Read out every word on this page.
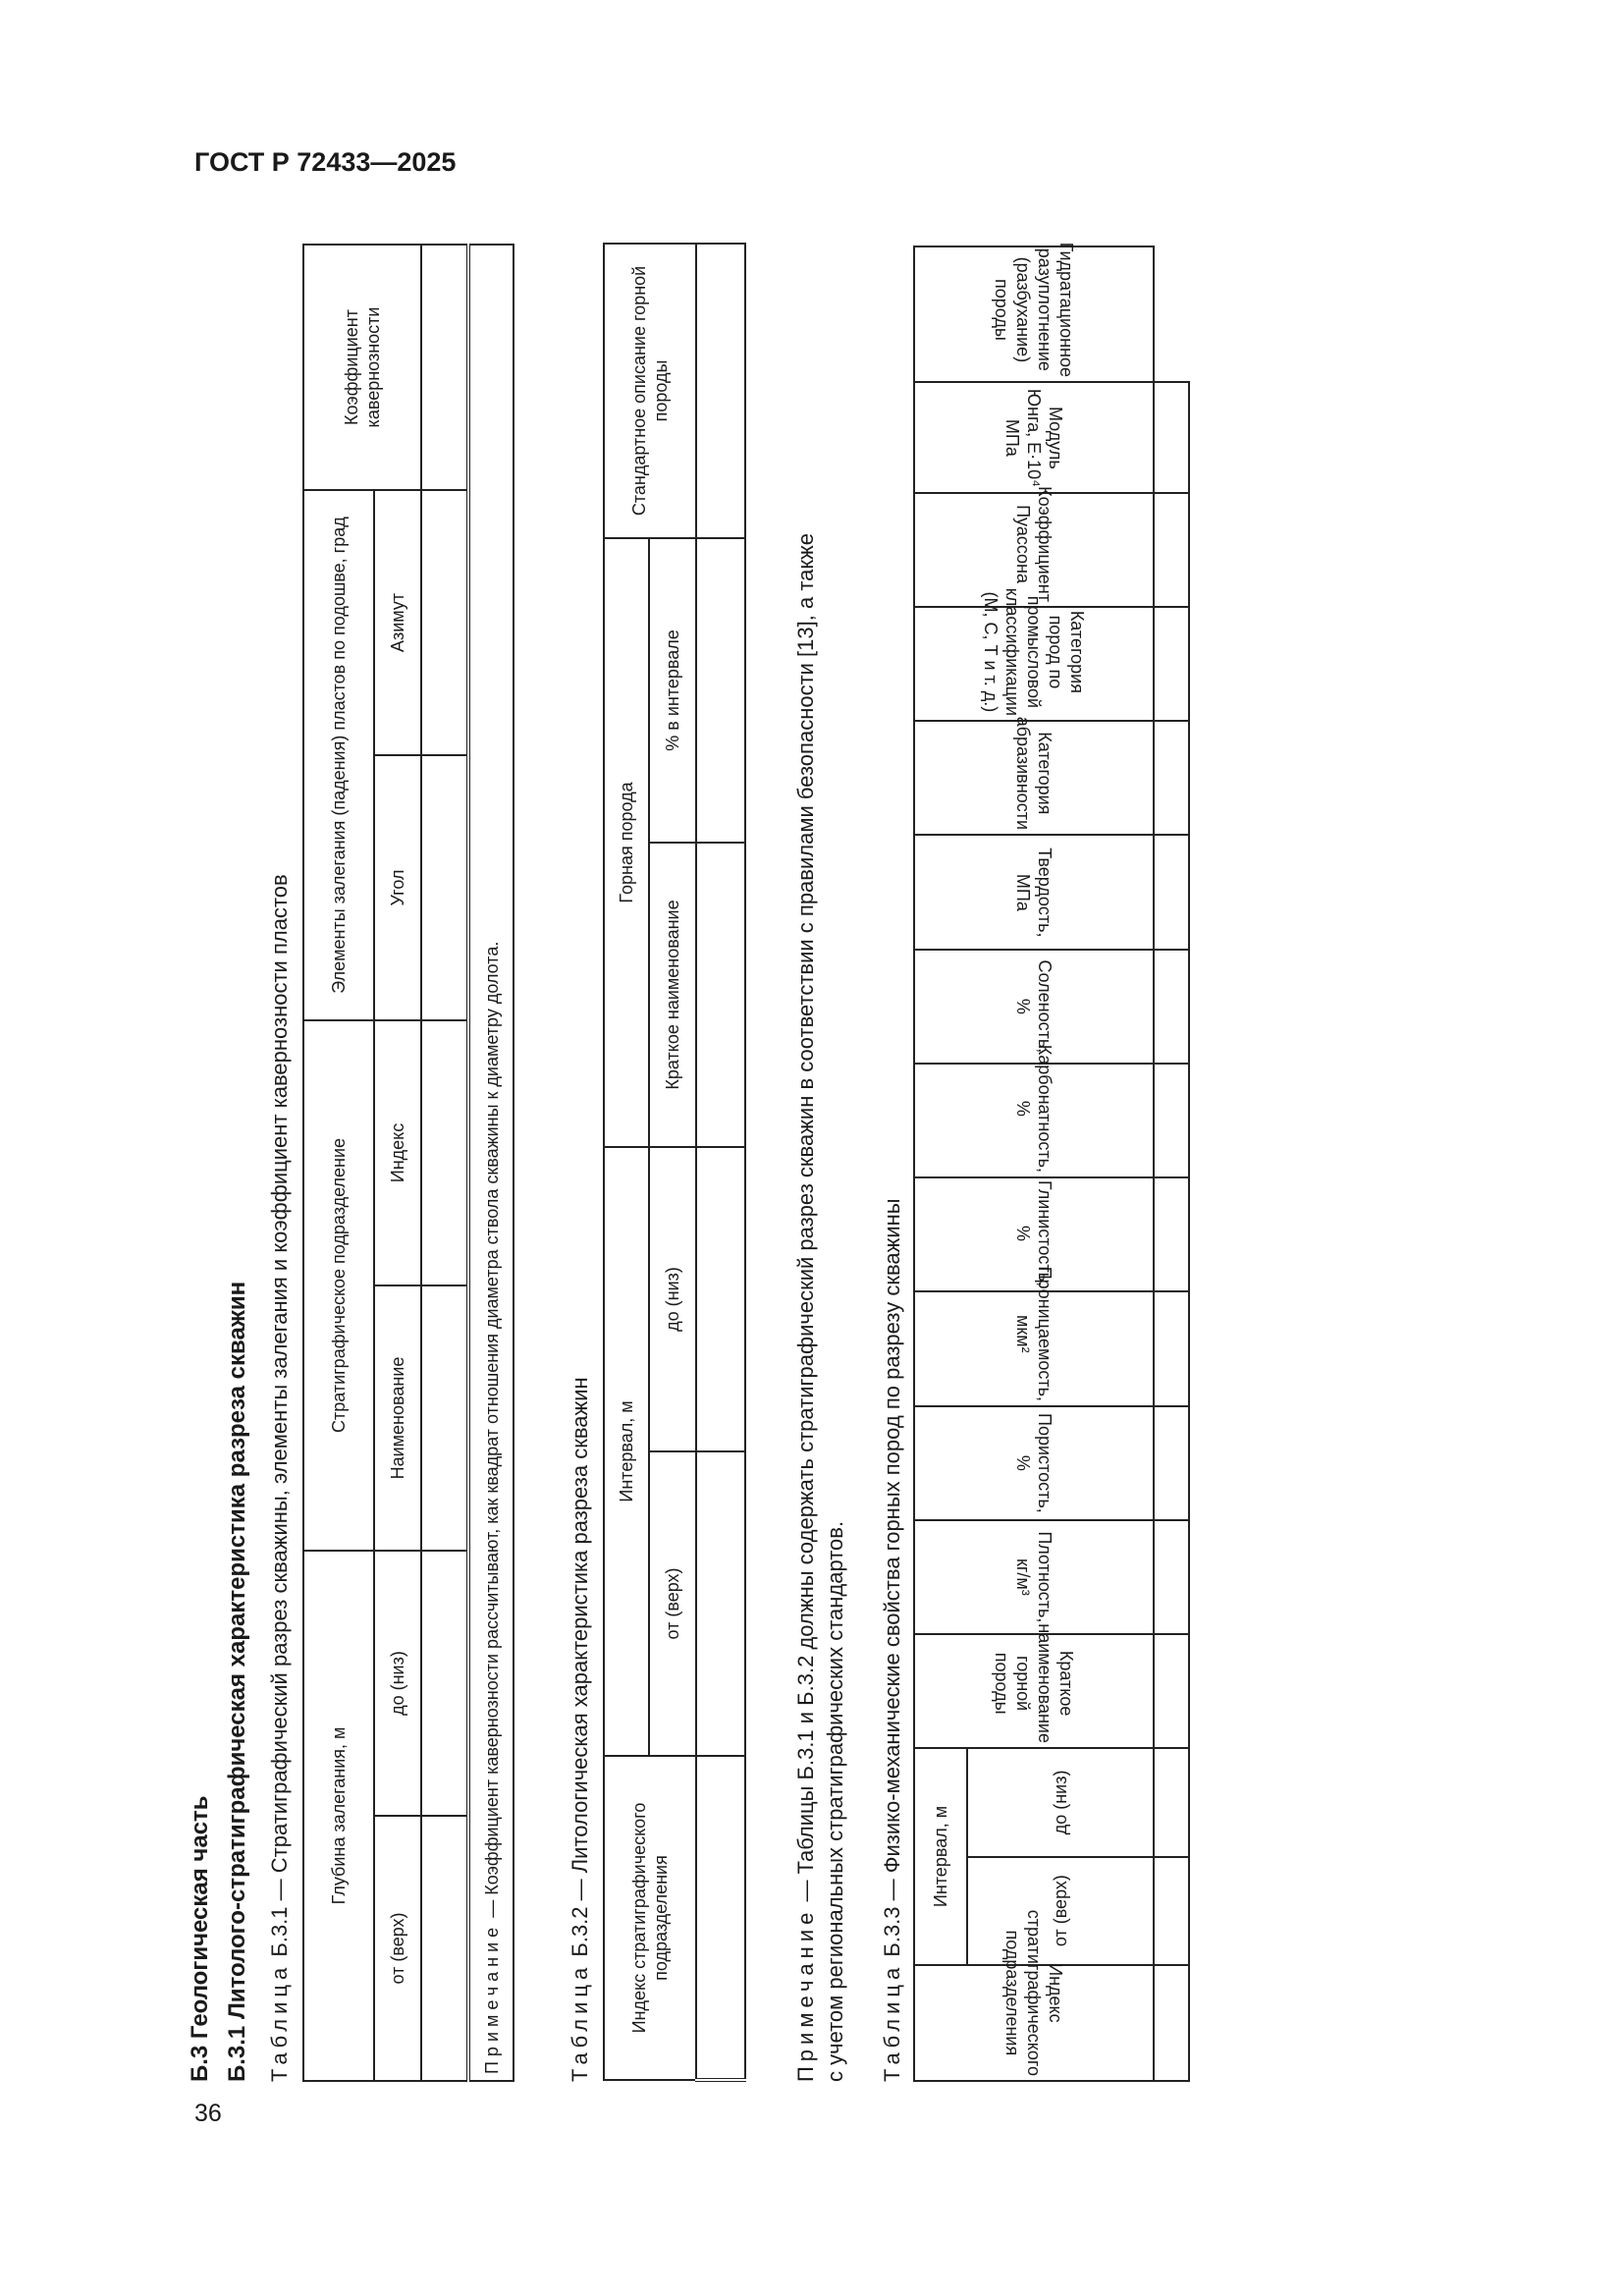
ГОСТ Р 72433—2025
36
Б.3 Геологическая часть Б.3.1 Литолого-стратиграфическая характеристика разреза скважин Таблица Б.3.1 — Стратиграфический разрез скважины, элементы залегания и коэффициент кавернозности пластов Глубина залегания, м		Стратиграфическое подразделение		Элементы залегания (падения) пластов по подошве, град		Коэффициент кавернозности
от (верх)	до (низ)	Наименование	Индекс	Угол	Азимут	

Примечание — Коэффициент кавернозности рассчитывают, как квадрат отношения диаметра ствола скважины к диаметру долота.						
Таблица Б.3.2 — Литологическая характеристика разреза скважин Индекс стратиграфического подразделения	Интервал, м		Горная порода		Стандартное описание горной породы
	от (верх)	до (низ)	Краткое наименование	% в интервале	

Примечание — Таблицы Б.3.1 и Б.3.2 должны содержать стратиграфический разрез скважин в соответствии с правилами безопасности [13], а также с учетом региональных стратиграфических стандартов. Таблица Б.3.3 — Физико-механические свойства горных пород по разрезу скважины
Индекс стратиграфического подразделения	Интервал, м		Краткое наименование горной породы	Плотность, кг/м³	Пористость, %	Проницаемость, мкм²	Глинистость, %	Карбонатность, %	Соленость, %	Твердость, МПа	Категория абразивности	Категория пород по промысловой классификации (М, С, Т и т. д.)	Коэффициент Пуассона	Модуль Юнга, Е·10⁴ МПа	Гидратационное разуплотнение (разбухание) породы
	от (верх)	до (низ)													
